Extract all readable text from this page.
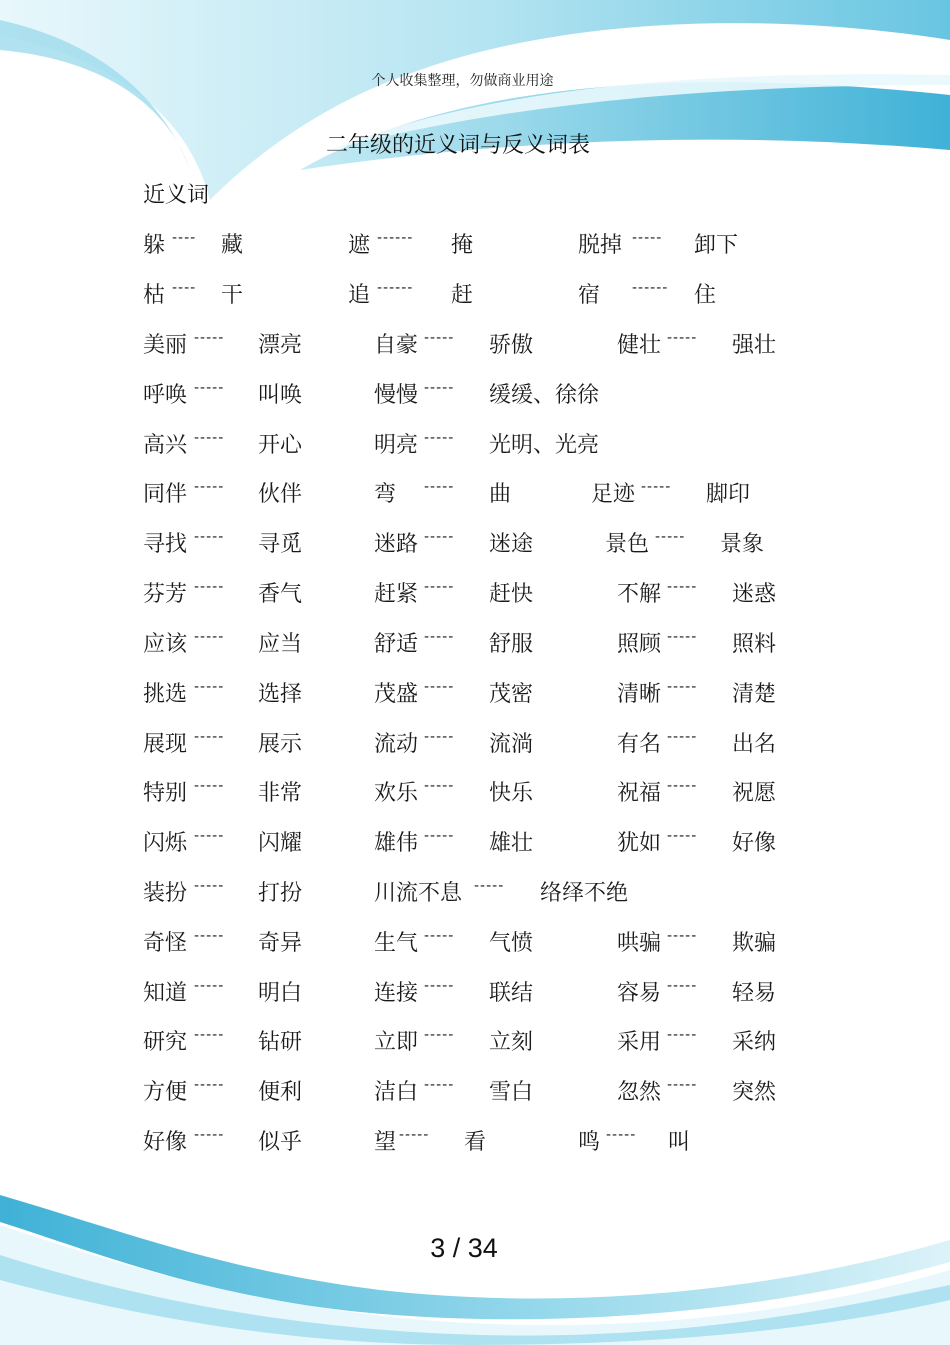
个人收集整理，勿做商业用途
二年级的近义词与反义词表
近义词
躲 ---- 藏	遮 ------ 掩	脱掉 ----- 卸下
枯 ---- 干	追 ------ 赶	宿 ------ 住
美丽 ----- 漂亮	自豪 ----- 骄傲	健壮 ----- 强壮
呼唤 ----- 叫唤	慢慢 ----- 缓缓、徐徐
高兴 ----- 开心	明亮 ----- 光明、光亮
同伴 ----- 伙伴	弯 ----- 曲	足迹 ----- 脚印
寻找 ----- 寻觅	迷路 ----- 迷途	景色 ----- 景象
芬芳 ----- 香气	赶紧 ----- 赶快	不解 ----- 迷惑
应该 ----- 应当	舒适 ----- 舒服	照顾 ----- 照料
挑选 ----- 选择	茂盛 ----- 茂密	清晰 ----- 清楚
展现 ----- 展示	流动 ----- 流淌	有名 ----- 出名
特别 ----- 非常	欢乐 ----- 快乐	祝福 ----- 祝愿
闪烁 ----- 闪耀	雄伟 ----- 雄壮	犹如 ----- 好像
装扮 ----- 打扮	川流不息 ----- 络绎不绝
奇怪 ----- 奇异	生气 ----- 气愤	哄骗 ----- 欺骗
知道 ----- 明白	连接 ----- 联结	容易 ----- 轻易
研究 ----- 钻研	立即 ----- 立刻	采用 ----- 采纳
方便 ----- 便利	洁白 ----- 雪白	忽然 ----- 突然
好像 ----- 似乎	望 ----- 看	鸣 ----- 叫
3 / 34
